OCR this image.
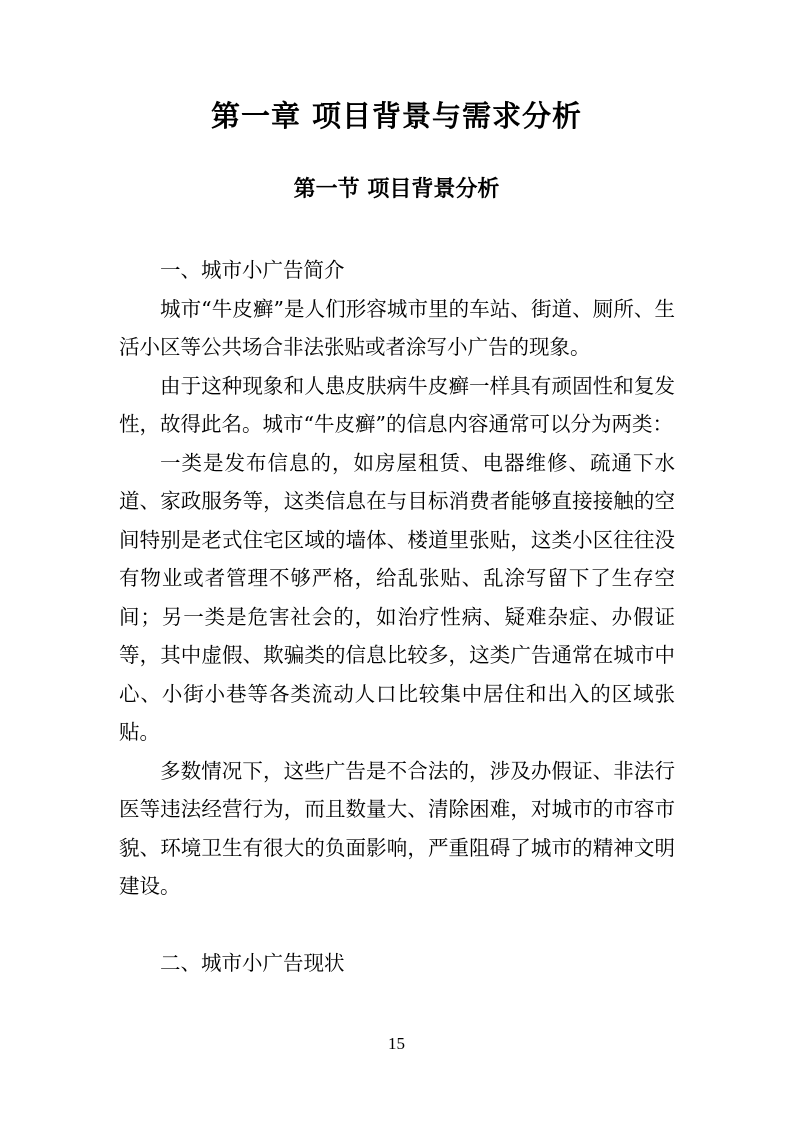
第一章 项目背景与需求分析
第一节 项目背景分析

一、城市小广告简介

城市“牛皮癣”是人们形容城市里的车站、街道、厕所、生活小区等公共场合非法张贴或者涂写小广告的现象。

由于这种现象和人患皮肤病牛皮癣一样具有顽固性和复发性，故得此名。城市“牛皮癣”的信息内容通常可以分为两类：

一类是发布信息的，如房屋租赁、电器维修、疏通下水道、家政服务等，这类信息在与目标消费者能够直接接触的空间特别是老式住宅区域的墙体、楼道里张贴，这类小区往往没有物业或者管理不够严格，给乱张贴、乱涂写留下了生存空间；另一类是危害社会的，如治疗性病、疑难杂症、办假证等，其中虚假、欺骗类的信息比较多，这类广告通常在城市中心、小街小巷等各类流动人口比较集中居住和出入的区域张贴。

多数情况下，这些广告是不合法的，涉及办假证、非法行医等违法经营行为，而且数量大、清除困难，对城市的市容市貌、环境卫生有很大的负面影响，严重阻碍了城市的精神文明建设。

二、城市小广告现状

15
